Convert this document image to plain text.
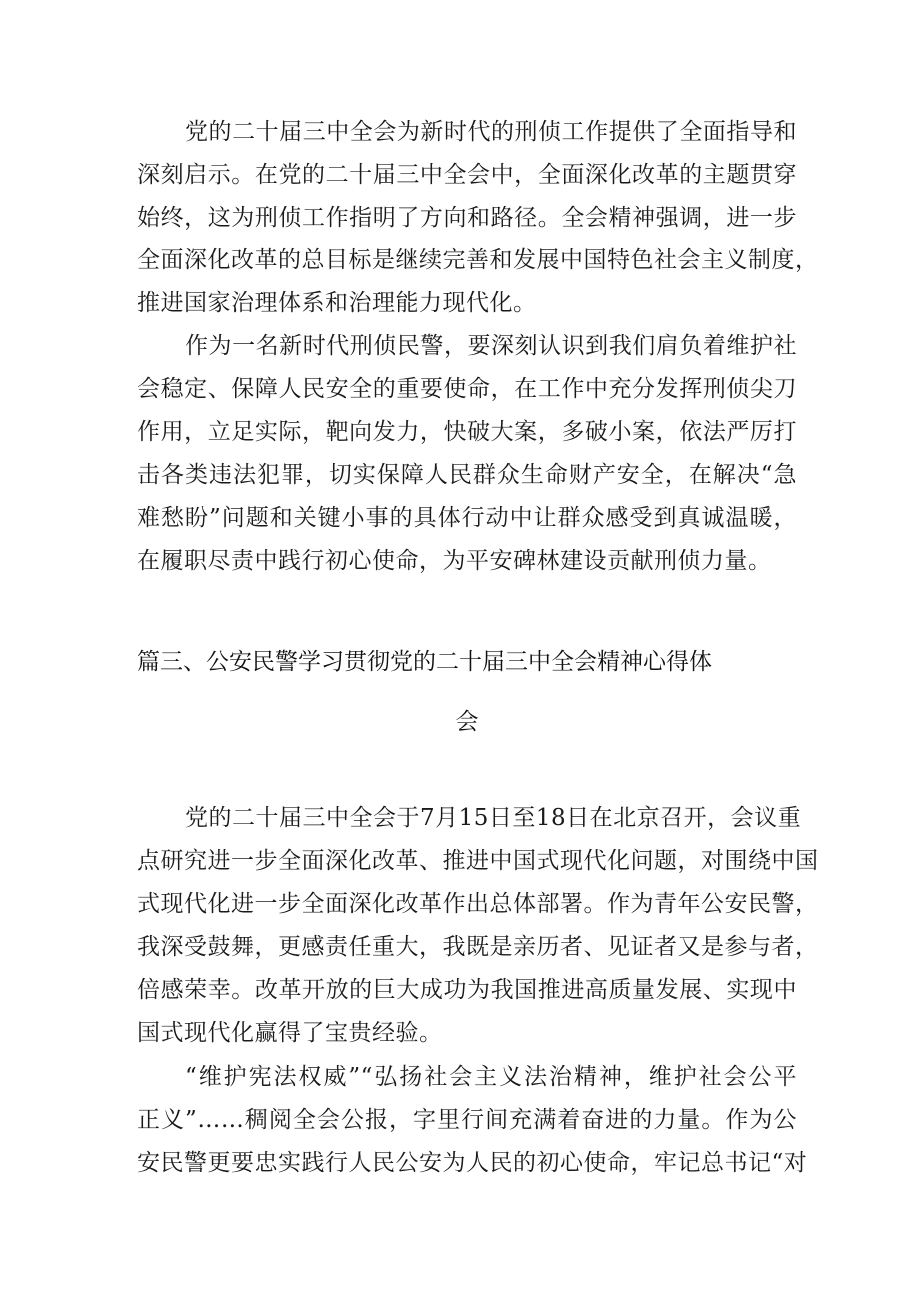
党的二十届三中全会为新时代的刑侦工作提供了全面指导和
深刻启示。在党的二十届三中全会中，全面深化改革的主题贯穿
始终，这为刑侦工作指明了方向和路径。全会精神强调，进一步
全面深化改革的总目标是继续完善和发展中国特色社会主义制度，
推进国家治理体系和治理能力现代化。
作为一名新时代刑侦民警，要深刻认识到我们肩负着维护社
会稳定、保障人民安全的重要使命，在工作中充分发挥刑侦尖刀
作用，立足实际，靶向发力，快破大案，多破小案，依法严厉打
击各类违法犯罪，切实保障人民群众生命财产安全，在解决“急
难愁盼”问题和关键小事的具体行动中让群众感受到真诚温暖，
在履职尽责中践行初心使命，为平安碑林建设贡献刑侦力量。
篇三、公安民警学习贯彻党的二十届三中全会精神心得体
会
党的二十届三中全会于7月15日至18日在北京召开，会议重
点研究进一步全面深化改革、推进中国式现代化问题，对围绕中国
式现代化进一步全面深化改革作出总体部署。作为青年公安民警，
我深受鼓舞，更感责任重大，我既是亲历者、见证者又是参与者，
倍感荣幸。改革开放的巨大成功为我国推进高质量发展、实现中
国式现代化赢得了宝贵经验。
“维护宪法权威”“弘扬社会主义法治精神，维护社会公平
正义”……稠阅全会公报，字里行间充满着奋进的力量。作为公
安民警更要忠实践行人民公安为人民的初心使命，牢记总书记“对
